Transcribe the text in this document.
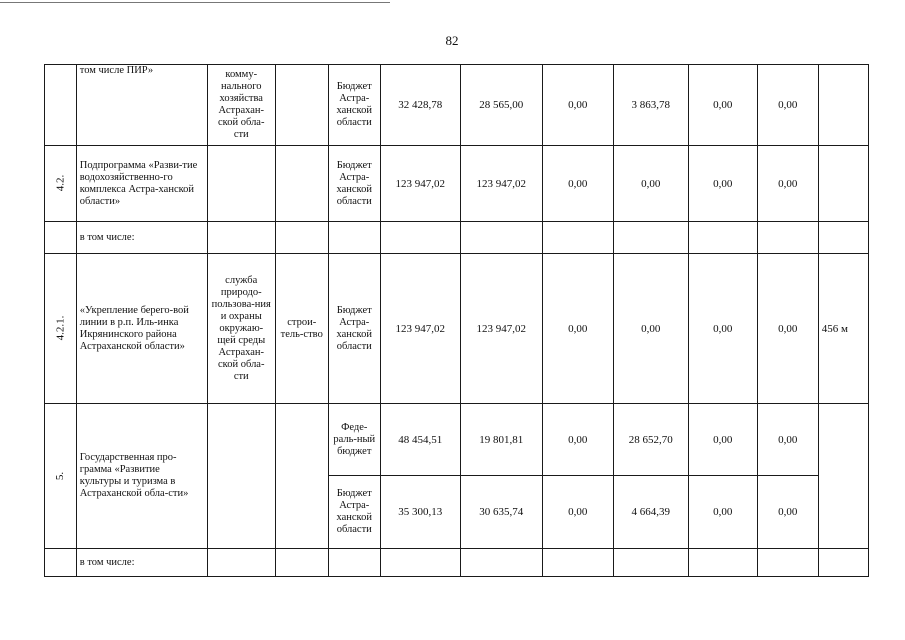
82
	том числе ПИР»	комму-нального хозяйства Астрахан-ской обла-сти		Бюджет Астра-ханской области	32 428,78	28 565,00	0,00	3 863,78	0,00	0,00	
4.2.	Подпрограмма «Разви-тие водохозяйственно-го комплекса Астра-ханской области»			Бюджет Астра-ханской области	123 947,02	123 947,02	0,00	0,00	0,00	0,00	
	в том числе:										
4.2.1.	«Укрепление берего-вой линии в р.п. Иль-инка Икрянинского района Астраханской области»	служба природо-пользова-ния и охраны окружаю-щей среды Астрахан-ской обла-сти	строи-тель-ство	Бюджет Астра-ханской области	123 947,02	123 947,02	0,00	0,00	0,00	0,00	456 м
5.	Государственная про-грамма «Развитие культуры и туризма в Астраханской обла-сти»			Феде-раль-ный бюджет	48 454,51	19 801,81	0,00	28 652,70	0,00	0,00	
				Бюджет Астра-ханской области	35 300,13	30 635,74	0,00	4 664,39	0,00	0,00	
	в том числе:										
